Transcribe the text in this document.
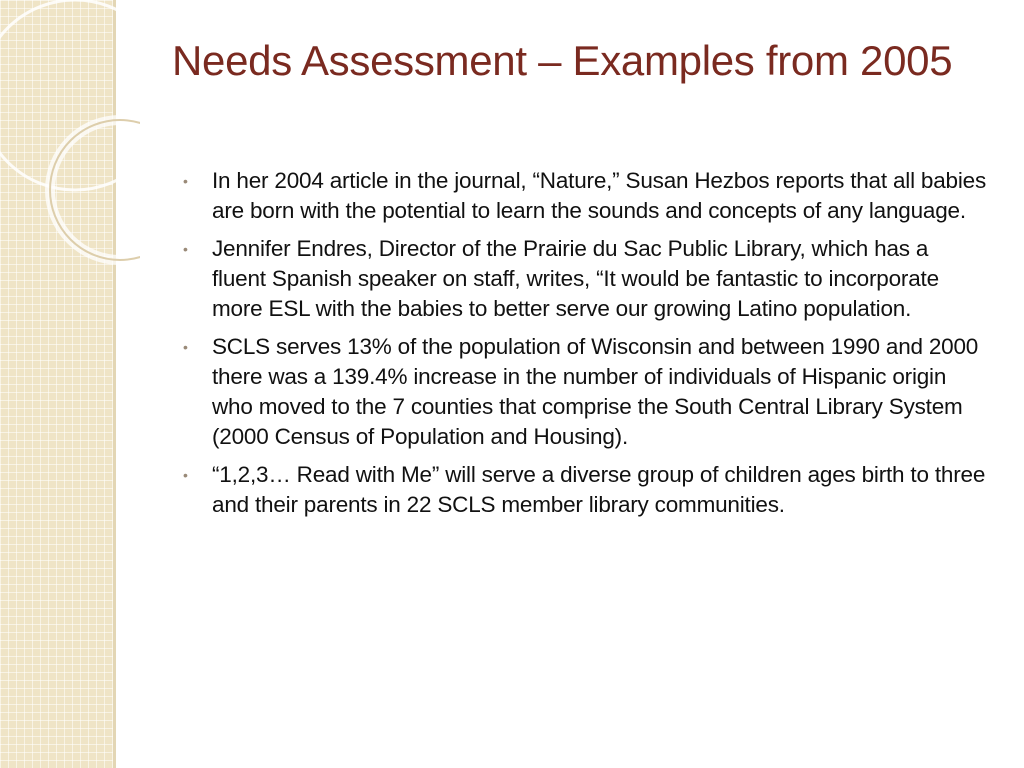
Needs Assessment – Examples from 2005
• In her 2004 article in the journal, “Nature,” Susan Hezbos reports that all babies are born with the potential to learn the sounds and concepts of any language.
• Jennifer Endres, Director of the Prairie du Sac Public Library, which has a fluent Spanish speaker on staff, writes, “It would be fantastic to incorporate more ESL with the babies to better serve our growing Latino population.
• SCLS serves 13% of the population of Wisconsin and between 1990 and 2000 there was a 139.4% increase in the number of individuals of Hispanic origin who moved to the 7 counties that comprise the South Central Library System (2000 Census of Population and Housing).
• “1,2,3… Read with Me” will serve a diverse group of children ages birth to three and their parents in 22 SCLS member library communities.
